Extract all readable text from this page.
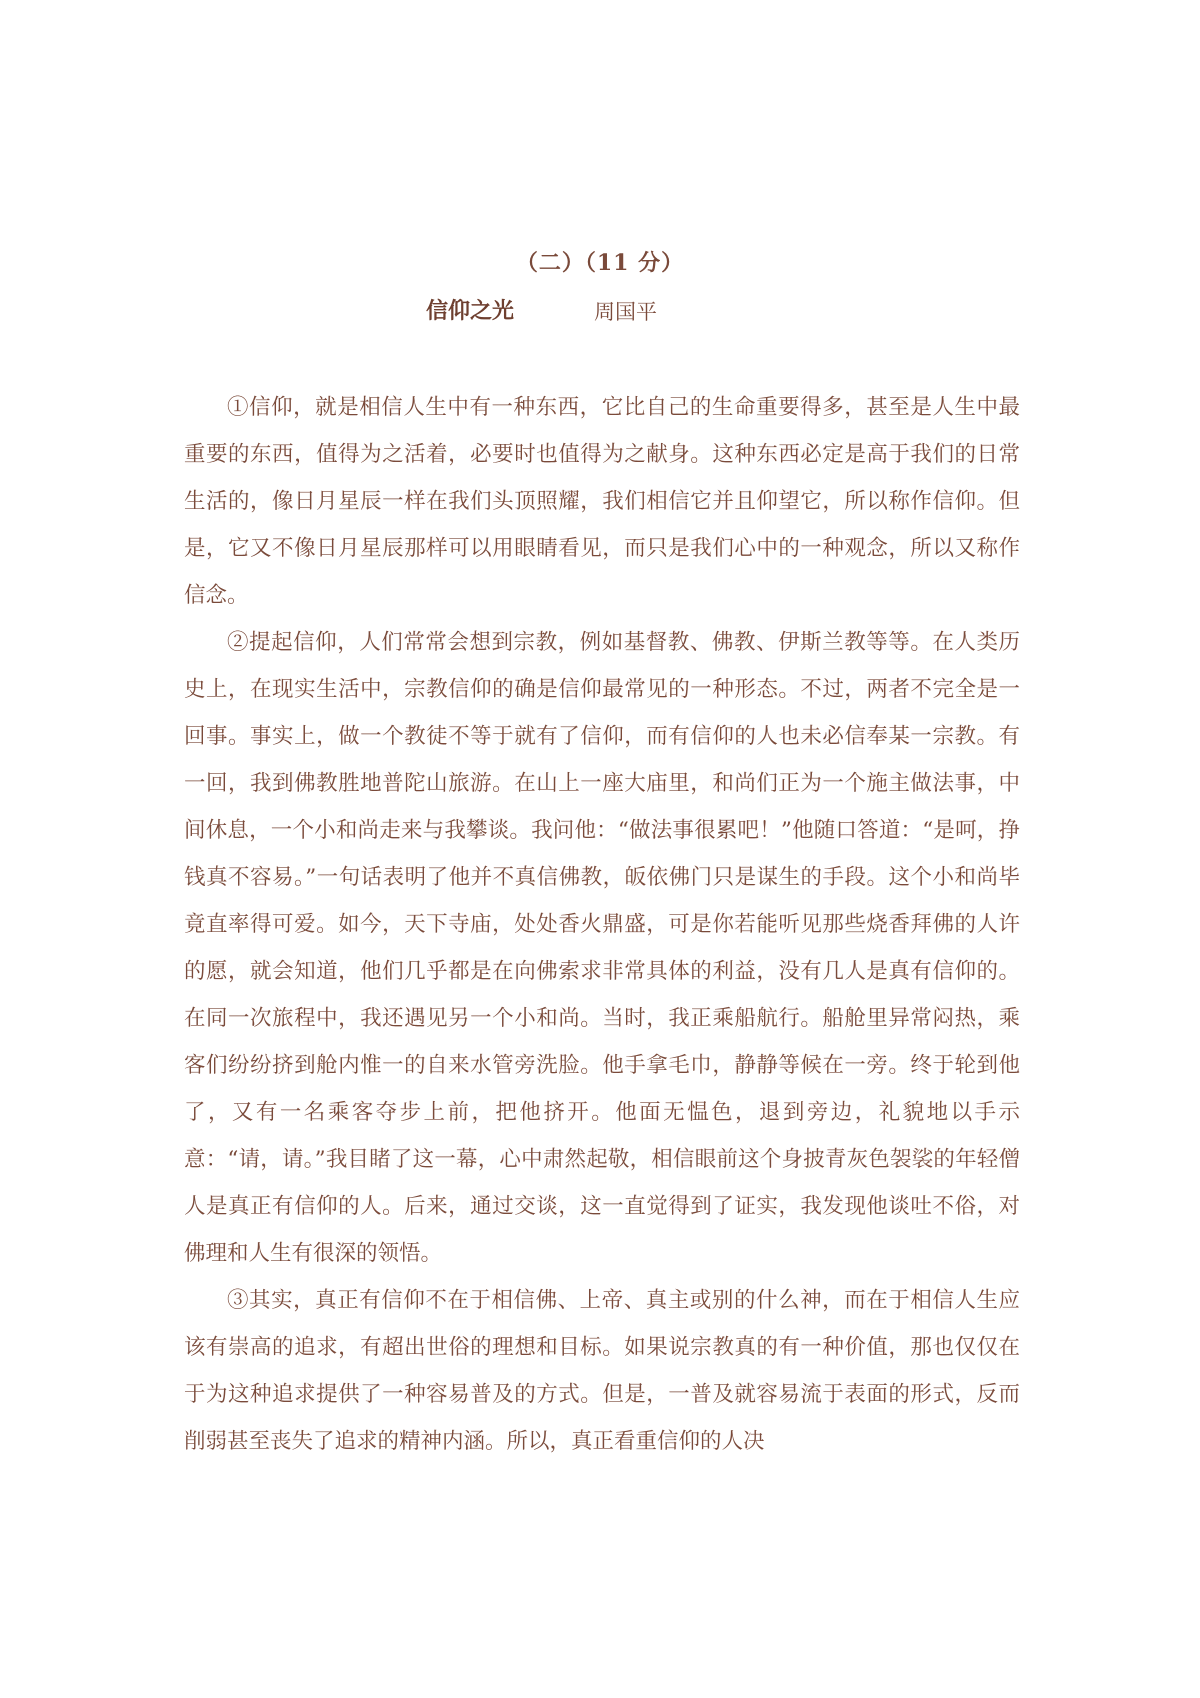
（二）（11 分）
信仰之光	周国平

①信仰，就是相信人生中有一种东西，它比自己的生命重要得多，甚至是人生中最重要的东西，值得为之活着，必要时也值得为之献身。这种东西必定是高于我们的日常生活的，像日月星辰一样在我们头顶照耀，我们相信它并且仰望它，所以称作信仰。但是，它又不像日月星辰那样可以用眼睛看见，而只是我们心中的一种观念，所以又称作信念。

②提起信仰，人们常常会想到宗教，例如基督教、佛教、伊斯兰教等等。在人类历史上，在现实生活中，宗教信仰的确是信仰最常见的一种形态。不过，两者不完全是一回事。事实上，做一个教徒不等于就有了信仰，而有信仰的人也未必信奉某一宗教。有一回，我到佛教胜地普陀山旅游。在山上一座大庙里，和尚们正为一个施主做法事，中间休息，一个小和尚走来与我攀谈。我问他：“做法事很累吧！”他随口答道：“是呵，挣钱真不容易。”一句话表明了他并不真信佛教，皈依佛门只是谋生的手段。这个小和尚毕竟直率得可爱。如今，天下寺庙，处处香火鼎盛，可是你若能听见那些烧香拜佛的人许的愿，就会知道，他们几乎都是在向佛索求非常具体的利益，没有几人是真有信仰的。在同一次旅程中，我还遇见另一个小和尚。当时，我正乘船航行。船舱里异常闷热，乘客们纷纷挤到舱内惟一的自来水管旁洗脸。他手拿毛巾，静静等候在一旁。终于轮到他了，又有一名乘客夺步上前，把他挤开。他面无愠色，退到旁边，礼貌地以手示意：“请，请。”我目睹了这一幕，心中肃然起敬，相信眼前这个身披青灰色袈裟的年轻僧人是真正有信仰的人。后来，通过交谈，这一直觉得到了证实，我发现他谈吐不俗，对佛理和人生有很深的领悟。

③其实，真正有信仰不在于相信佛、上帝、真主或别的什么神，而在于相信人生应该有崇高的追求，有超出世俗的理想和目标。如果说宗教真的有一种价值，那也仅仅在于为这种追求提供了一种容易普及的方式。但是，一普及就容易流于表面的形式，反而削弱甚至丧失了追求的精神内涵。所以，真正看重信仰的人决
